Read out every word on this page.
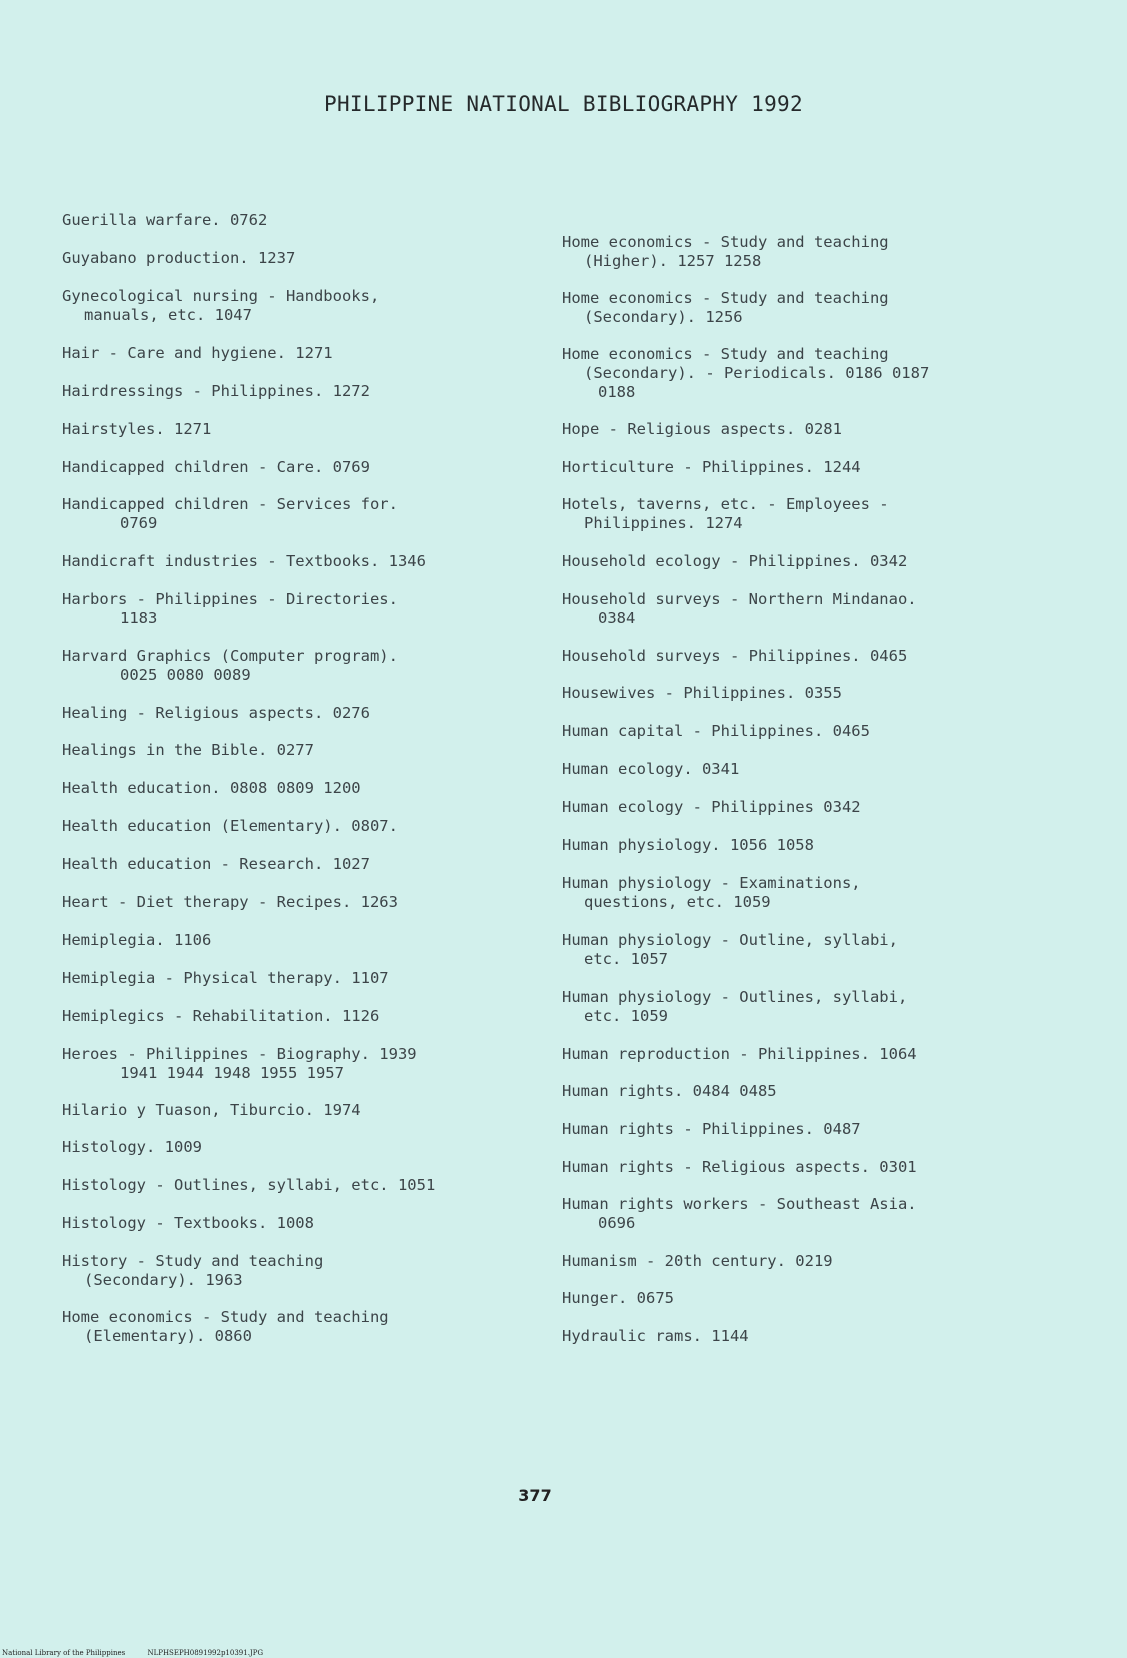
PHILIPPINE NATIONAL BIBLIOGRAPHY 1992
Guerilla warfare. 0762
Guyabano production. 1237
Gynecological nursing - Handbooks,
manuals, etc. 1047
Hair - Care and hygiene. 1271
Hairdressings - Philippines. 1272
Hairstyles. 1271
Handicapped children - Care. 0769
Handicapped children - Services for.
0769
Handicraft industries - Textbooks. 1346
Harbors - Philippines - Directories.
1183
Harvard Graphics (Computer program).
0025 0080 0089
Healing - Religious aspects. 0276
Healings in the Bible. 0277
Health education. 0808 0809 1200
Health education (Elementary). 0807.
Health education - Research. 1027
Heart - Diet therapy - Recipes. 1263
Hemiplegia. 1106
Hemiplegia - Physical therapy. 1107
Hemiplegics - Rehabilitation. 1126
Heroes - Philippines - Biography. 1939
1941 1944 1948 1955 1957
Hilario y Tuason, Tiburcio. 1974
Histology. 1009
Histology - Outlines, syllabi, etc. 1051
Histology - Textbooks. 1008
History - Study and teaching
(Secondary). 1963
Home economics - Study and teaching
(Elementary). 0860
Home economics - Study and teaching
(Higher). 1257 1258
Home economics - Study and teaching
(Secondary). 1256
Home economics - Study and teaching
(Secondary). - Periodicals. 0186 0187
0188
Hope - Religious aspects. 0281
Horticulture - Philippines. 1244
Hotels, taverns, etc. - Employees -
Philippines. 1274
Household ecology - Philippines. 0342
Household surveys - Northern Mindanao.
0384
Household surveys - Philippines. 0465
Housewives - Philippines. 0355
Human capital - Philippines. 0465
Human ecology. 0341
Human ecology - Philippines 0342
Human physiology. 1056 1058
Human physiology - Examinations,
questions, etc. 1059
Human physiology - Outline, syllabi,
etc. 1057
Human physiology - Outlines, syllabi,
etc. 1059
Human reproduction - Philippines. 1064
Human rights. 0484 0485
Human rights - Philippines. 0487
Human rights - Religious aspects. 0301
Human rights workers - Southeast Asia.
0696
Humanism - 20th century. 0219
Hunger. 0675
Hydraulic rams. 1144
377
National Library of the Philippines	NLPHSEPH0891992p10391.JPG
